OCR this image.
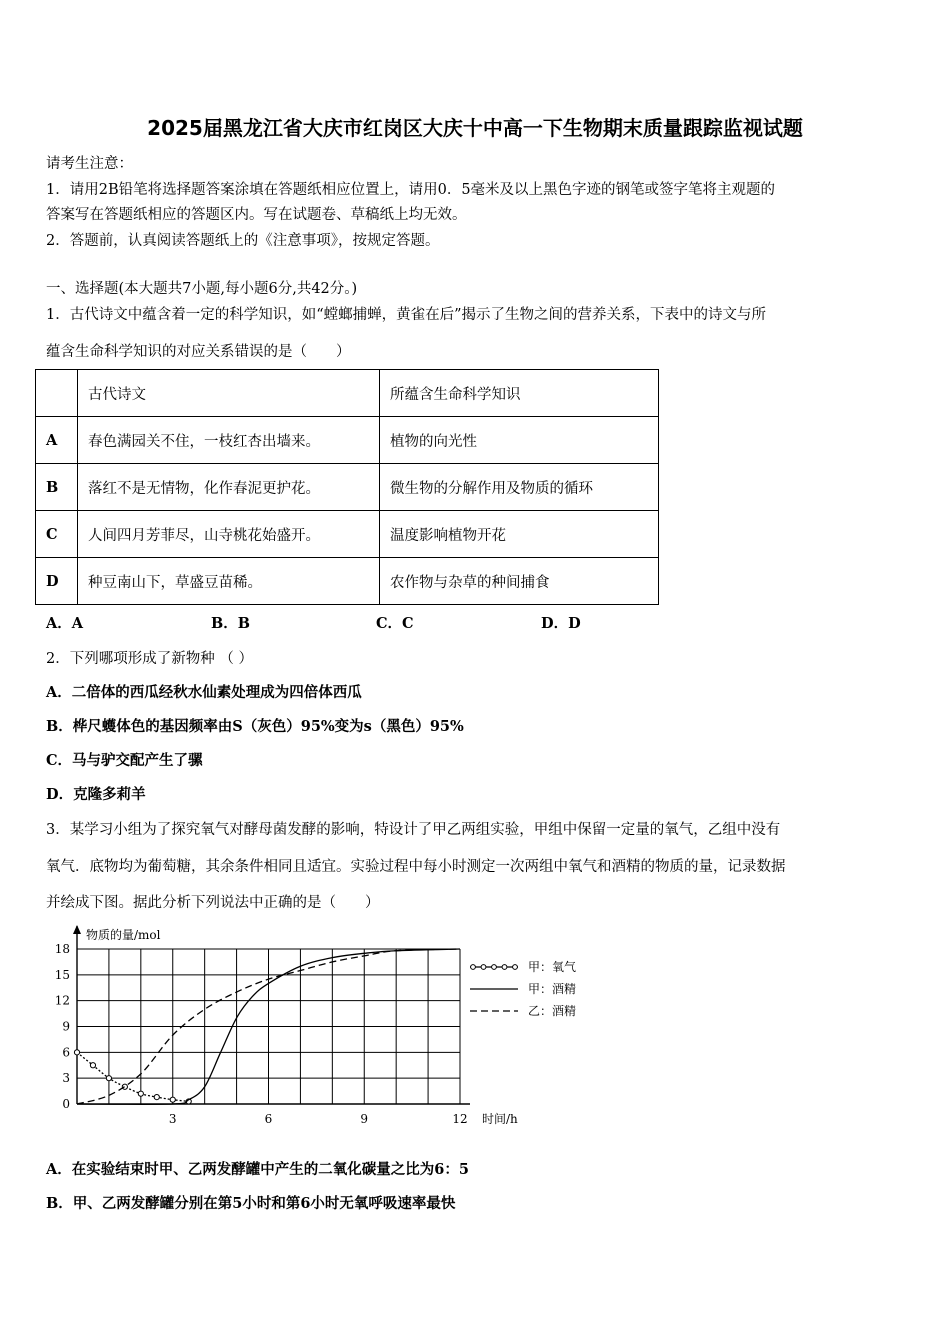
2025届黑龙江省大庆市红岗区大庆十中高一下生物期末质量跟踪监视试题
请考生注意：
1．请用2B铅笔将选择题答案涂填在答题纸相应位置上，请用0．5毫米及以上黑色字迹的钢笔或签字笔将主观题的
答案写在答题纸相应的答题区内。写在试题卷、草稿纸上均无效。
2．答题前，认真阅读答题纸上的《注意事项》，按规定答题。
一、选择题(本大题共7小题,每小题6分,共42分。)
1．古代诗文中蕴含着一定的科学知识，如“螳螂捕蝉，黄雀在后”揭示了生物之间的营养关系，下表中的诗文与所
蕴含生命科学知识的对应关系错误的是（　　）
	古代诗文	所蕴含生命科学知识
A	春色满园关不住，一枝红杏出墙来。	植物的向光性
B	落红不是无情物，化作春泥更护花。	微生物的分解作用及物质的循环
C	人间四月芳菲尽，山寺桃花始盛开。	温度影响植物开花
D	种豆南山下，草盛豆苗稀。	农作物与杂草的种间捕食
A．A	B．B	C．C	D．D
2．下列哪项形成了新物种 （ ）
A．二倍体的西瓜经秋水仙素处理成为四倍体西瓜
B．桦尺蠖体色的基因频率由S（灰色）95%变为s（黑色）95%
C．马与驴交配产生了骡
D．克隆多莉羊
3．某学习小组为了探究氧气对酵母菌发酵的影响，特设计了甲乙两组实验，甲组中保留一定量的氧气，乙组中没有
氧气．底物均为葡萄糖，其余条件相同且适宜。实验过程中每小时测定一次两组中氧气和酒精的物质的量，记录数据
并绘成下图。据此分析下列说法中正确的是（　　）
0
3
6
9
12
15
18
3	6	9	12
物质的量/mol
时间/h
甲：氧气
甲：酒精
乙：酒精
A．在实验结束时甲、乙两发酵罐中产生的二氧化碳量之比为6：5
B．甲、乙两发酵罐分别在第5小时和第6小时无氧呼吸速率最快
